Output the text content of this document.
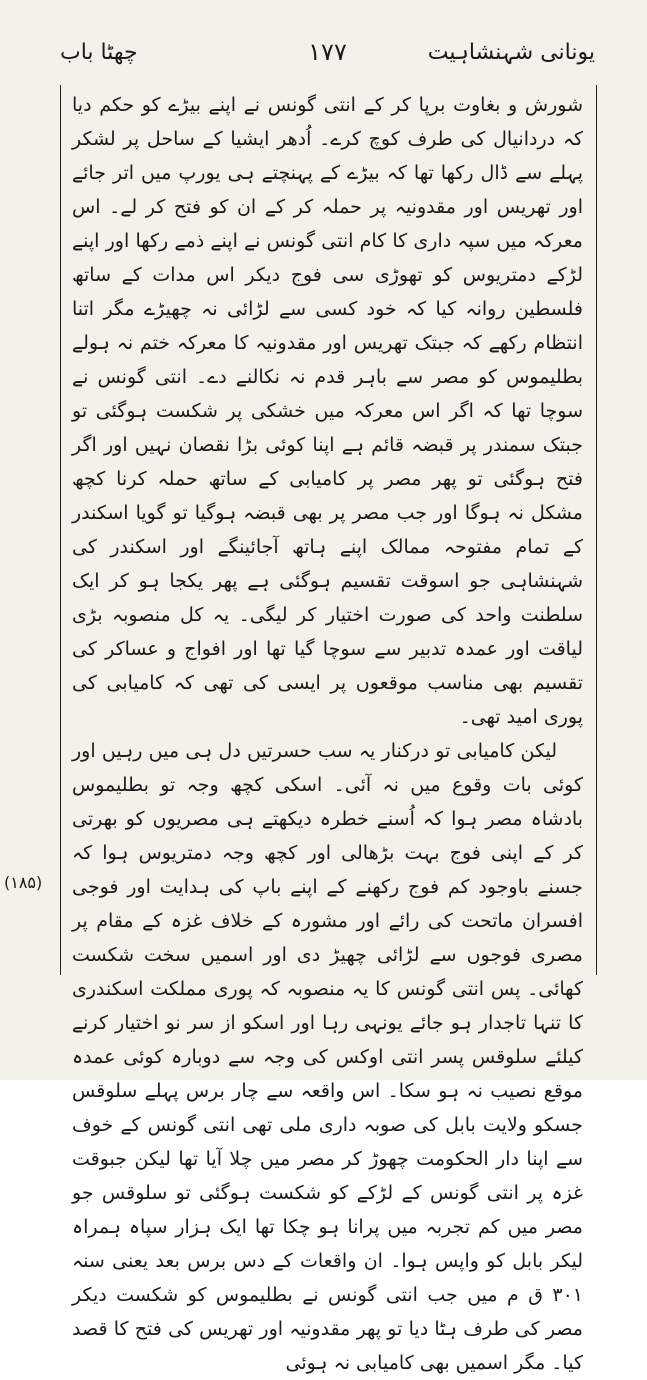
یونانی شہنشاہیت
۱۷۷
چھٹا باب

شورش و بغاوت برپا کر کے انتی گونس نے اپنے بیڑے کو حکم دیا کہ دردانیال کی طرف کوچ کرے۔ اُدھر ایشیا کے ساحل پر لشکر پہلے سے ڈال رکھا تھا کہ بیڑے کے پہنچتے ہی یورپ میں اتر جائے اور تھریس اور مقدونیہ پر حملہ کر کے ان کو فتح کر لے۔ اس معرکہ میں سپہ داری کا کام انتی گونس نے اپنے ذمے رکھا اور اپنے لڑکے دمتریوس کو تھوڑی سی فوج دیکر اس مدات کے ساتھ فلسطین روانہ کیا کہ خود کسی سے لڑائی نہ چھیڑے مگر اتنا انتظام رکھے کہ جبتک تھریس اور مقدونیہ کا معرکہ ختم نہ ہولے بطلیموس کو مصر سے باہر قدم نہ نکالنے دے۔ انتی گونس نے سوچا تھا کہ اگر اس معرکہ میں خشکی پر شکست ہوگئی تو جبتک سمندر پر قبضہ قائم ہے اپنا کوئی بڑا نقصان نہیں اور اگر فتح ہوگئی تو پھر مصر پر کامیابی کے ساتھ حملہ کرنا کچھ مشکل نہ ہوگا اور جب مصر پر بھی قبضہ ہوگیا تو گویا اسکندر کے تمام مفتوحہ ممالک اپنے ہاتھ آجائینگے اور اسکندر کی شہنشاہی جو اسوقت تقسیم ہوگئی ہے پھر یکجا ہو کر ایک سلطنت واحد کی صورت اختیار کر لیگی۔ یہ کل منصوبہ بڑی لیاقت اور عمدہ تدبیر سے سوچا گیا تھا اور افواج و عساکر کی تقسیم بھی مناسب موقعوں پر ایسی کی تھی کہ کامیابی کی پوری امید تھی۔

لیکن کامیابی تو درکنار یہ سب حسرتیں دل ہی میں رہیں اور کوئی بات وقوع میں نہ آئی۔ اسکی کچھ وجہ تو بطلیموس بادشاہ مصر ہوا کہ اُسنے خطرہ دیکھتے ہی مصریوں کو بھرتی کر کے اپنی فوج بہت بڑھالی اور کچھ وجہ دمتریوس ہوا کہ جسنے باوجود کم فوج رکھنے کے اپنے باپ کی ہدایت اور فوجی افسران ماتحت کی رائے اور مشورہ کے خلاف غزہ کے مقام پر مصری فوجوں سے لڑائی چھیڑ دی اور اسمیں سخت شکست کھائی۔ پس انتی گونس کا یہ منصوبہ کہ پوری مملکت اسکندری کا تنہا تاجدار ہو جائے یونہی رہا اور اسکو از سر نو اختیار کرنے کیلئے سلوقس پسر انتی اوکس کی وجہ سے دوبارہ کوئی عمدہ موقع نصیب نہ ہو سکا۔ اس واقعہ سے چار برس پہلے سلوقس جسکو ولایت بابل کی صوبہ داری ملی تھی انتی گونس کے خوف سے اپنا دار الحکومت چھوڑ کر مصر میں چلا آیا تھا لیکن جبوقت غزہ پر انتی گونس کے لڑکے کو شکست ہوگئی تو سلوقس جو مصر میں کم تجربہ میں پرانا ہو چکا تھا ایک ہزار سپاہ ہمراہ لیکر بابل کو واپس ہوا۔ ان واقعات کے دس برس بعد یعنی سنہ ۳۰۱ ق م میں جب انتی گونس نے بطلیموس کو شکست دیکر مصر کی طرف ہٹا دیا تو پھر مقدونیہ اور تھریس کی فتح کا قصد کیا۔ مگر اسمیں بھی کامیابی نہ ہوئی

(۱۸۵)
